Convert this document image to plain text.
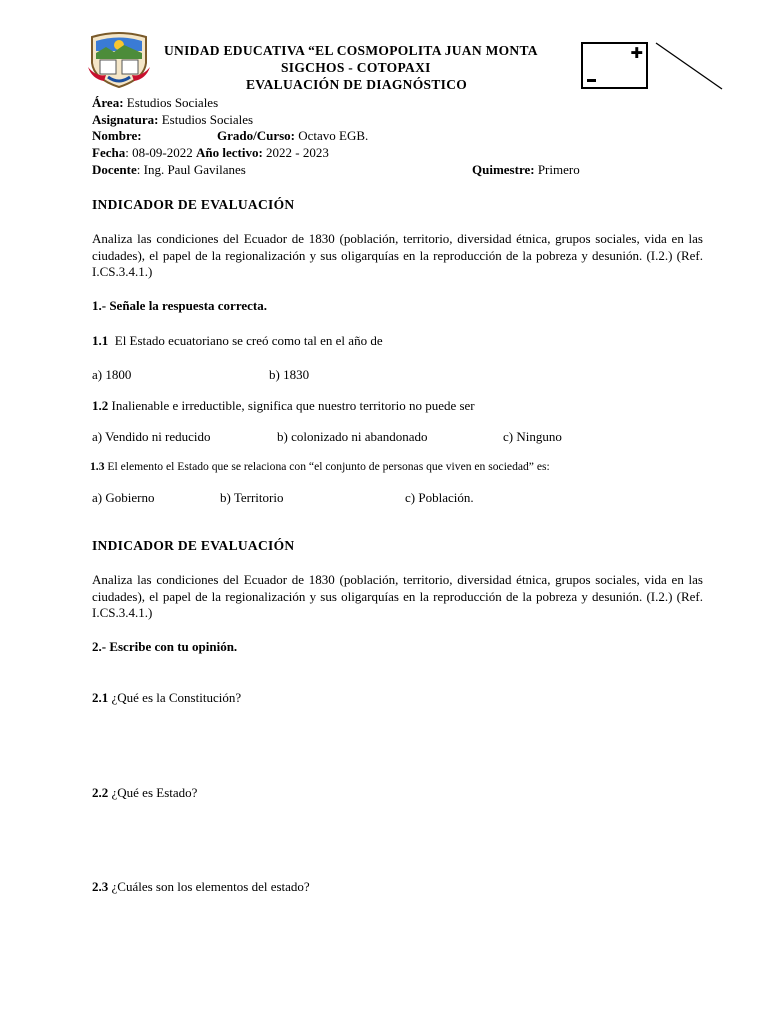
UNIDAD EDUCATIVA “EL COSMOPOLITA JUAN MONTA
SIGCHOS - COTOPAXI
EVALUACIÓN DE DIAGNÓSTICO
✚
Área: Estudios Sociales
Asignatura: Estudios Sociales
Nombre:	Grado/Curso: Octavo EGB.
Fecha: 08-09-2022 Año lectivo: 2022 - 2023
Docente: Ing. Paul Gavilanes	Quimestre: Primero
INDICADOR DE EVALUACIÓN
Analiza las condiciones del Ecuador de 1830 (población, territorio, diversidad étnica, grupos sociales, vida en las ciudades), el papel de la regionalización y sus oligarquías en la reproducción de la pobreza y desunión. (I.2.) (Ref. I.CS.3.4.1.)
1.- Señale la respuesta correcta.
1.1 El Estado ecuatoriano se creó como tal en el año de
a) 1800	b) 1830
1.2 Inalienable e irreductible, significa que nuestro territorio no puede ser
a) Vendido ni reducido	b) colonizado ni abandonado	c) Ninguno
1.3 El elemento el Estado que se relaciona con “el conjunto de personas que viven en sociedad” es:
a) Gobierno	b) Territorio	c) Población.
INDICADOR DE EVALUACIÓN
Analiza las condiciones del Ecuador de 1830 (población, territorio, diversidad étnica, grupos sociales, vida en las ciudades), el papel de la regionalización y sus oligarquías en la reproducción de la pobreza y desunión. (I.2.) (Ref. I.CS.3.4.1.)
2.- Escribe con tu opinión.
2.1 ¿Qué es la Constitución?
2.2 ¿Qué es Estado?
2.3 ¿Cuáles son los elementos del estado?
